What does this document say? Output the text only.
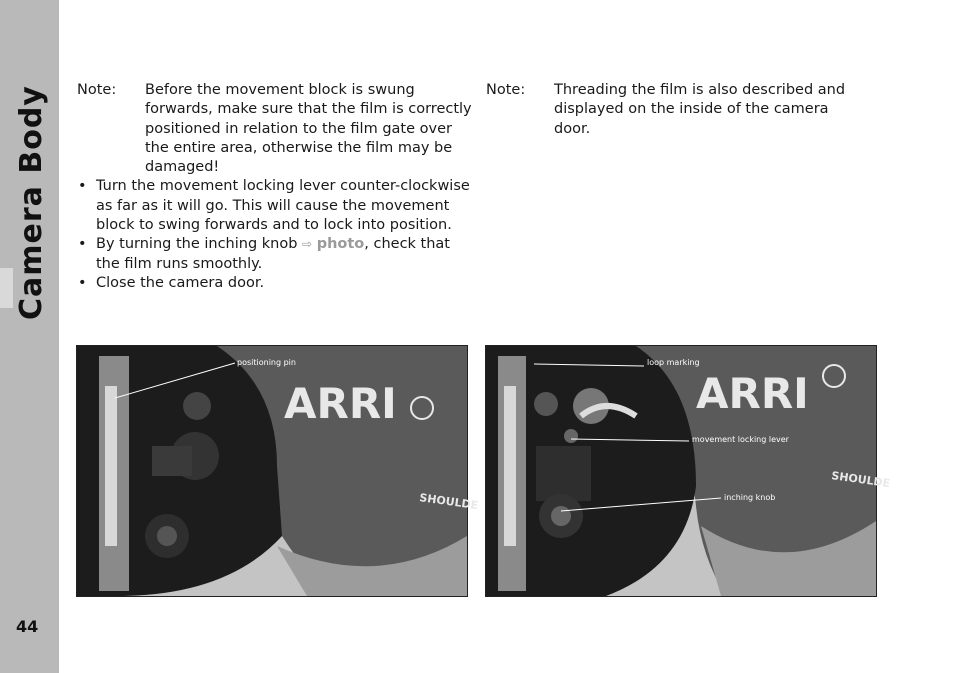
Camera Body
44
Note:	Before the movement block is swung forwards, make sure that the film is correctly positioned in relation to the film gate over the entire area, otherwise the film may be damaged!
• Turn the movement locking lever counter-clockwise as far as it will go. This will cause the movement block to swing forwards and to lock into position.
• By turning the inching knob ⇨ photo, check that the film runs smoothly.
• Close the camera door.
Note:	Threading the film is also described and displayed on the inside of the camera door.
ARRI
SHOULDE
positioning pin
ARRI
SHOULDE
loop marking
movement locking lever
inching knob
